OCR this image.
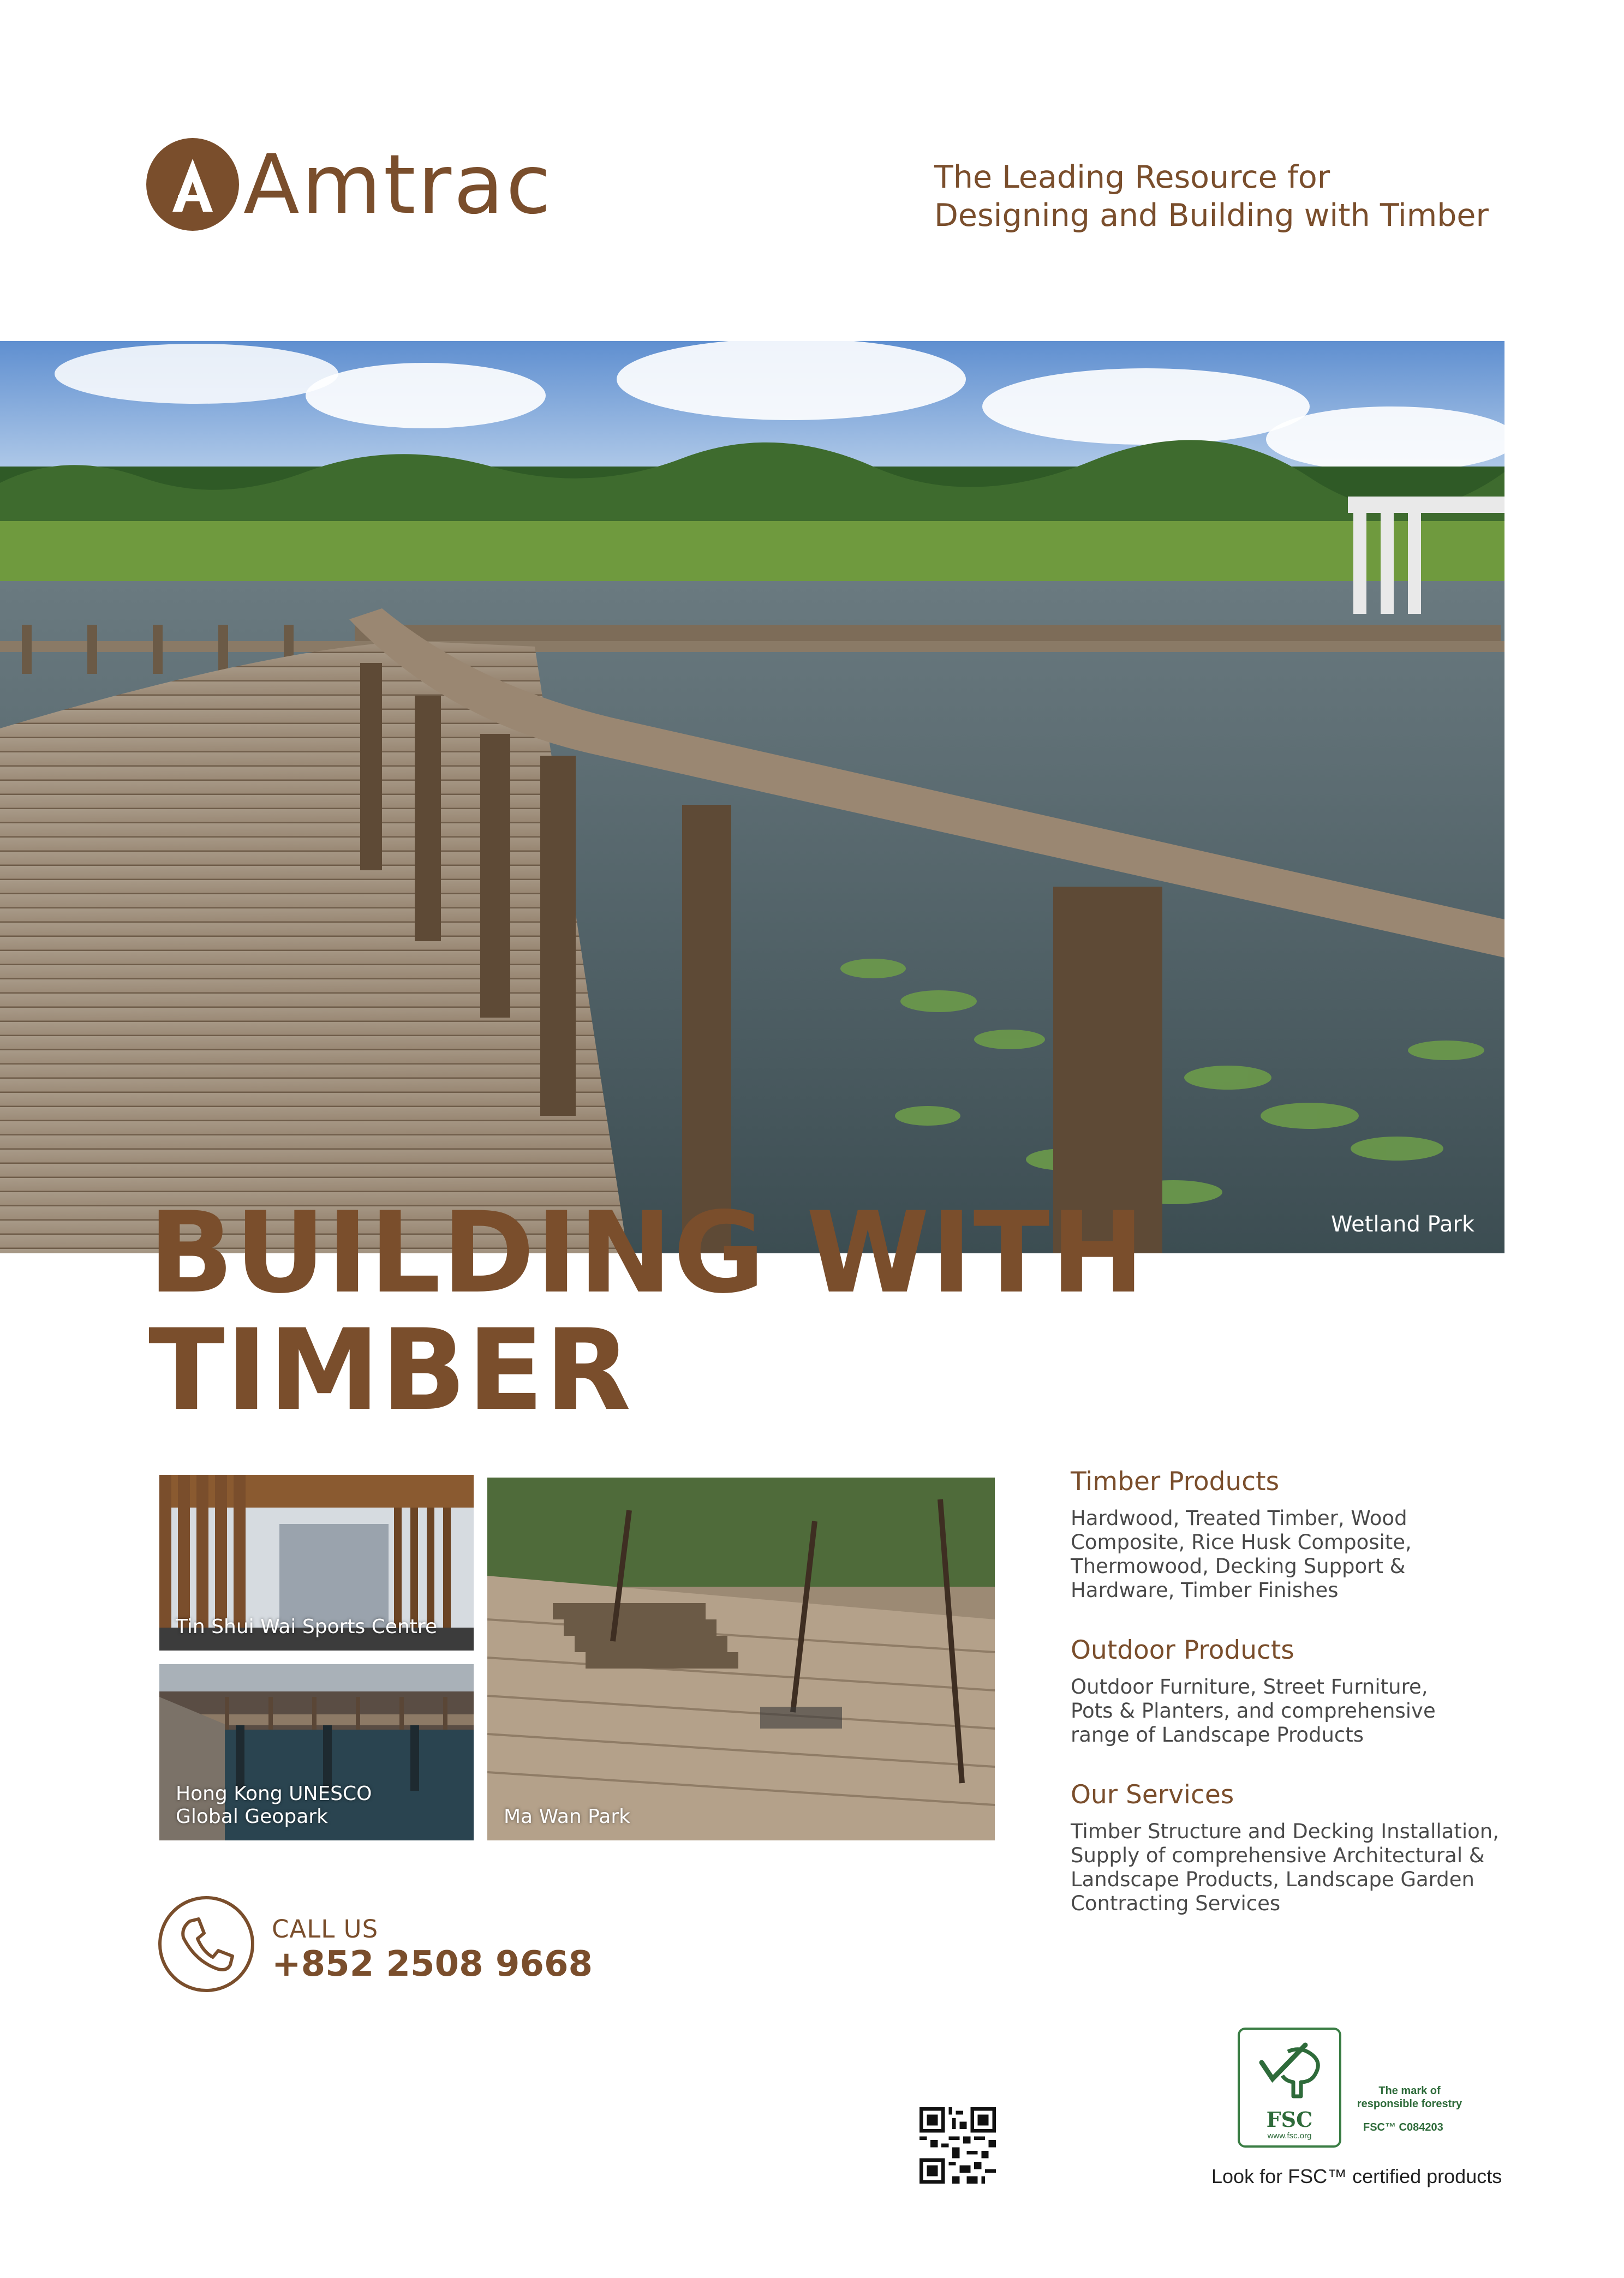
Amtrac	The Leading Resource for
Designing and Building with Timber
Wetland Park
BUILDING WITH
TIMBER
Tin Shui Wai Sports Centre
Hong Kong UNESCO
Global Geopark	Ma Wan Park
CALL US
+852 2508 9668
Timber Products
Hardwood, Treated Timber, Wood
Composite, Rice Husk Composite,
Thermowood, Decking Support &
Hardware, Timber Finishes
Outdoor Products
Outdoor Furniture, Street Furniture,
Pots & Planters, and comprehensive
range of Landscape Products
Our Services
Timber Structure and Decking Installation,
Supply of comprehensive Architectural &
Landscape Products, Landscape Garden
Contracting Services
FSC
www.fsc.org
The mark of
responsible forestry
FSC™ C084203
Look for FSC™ certified products
